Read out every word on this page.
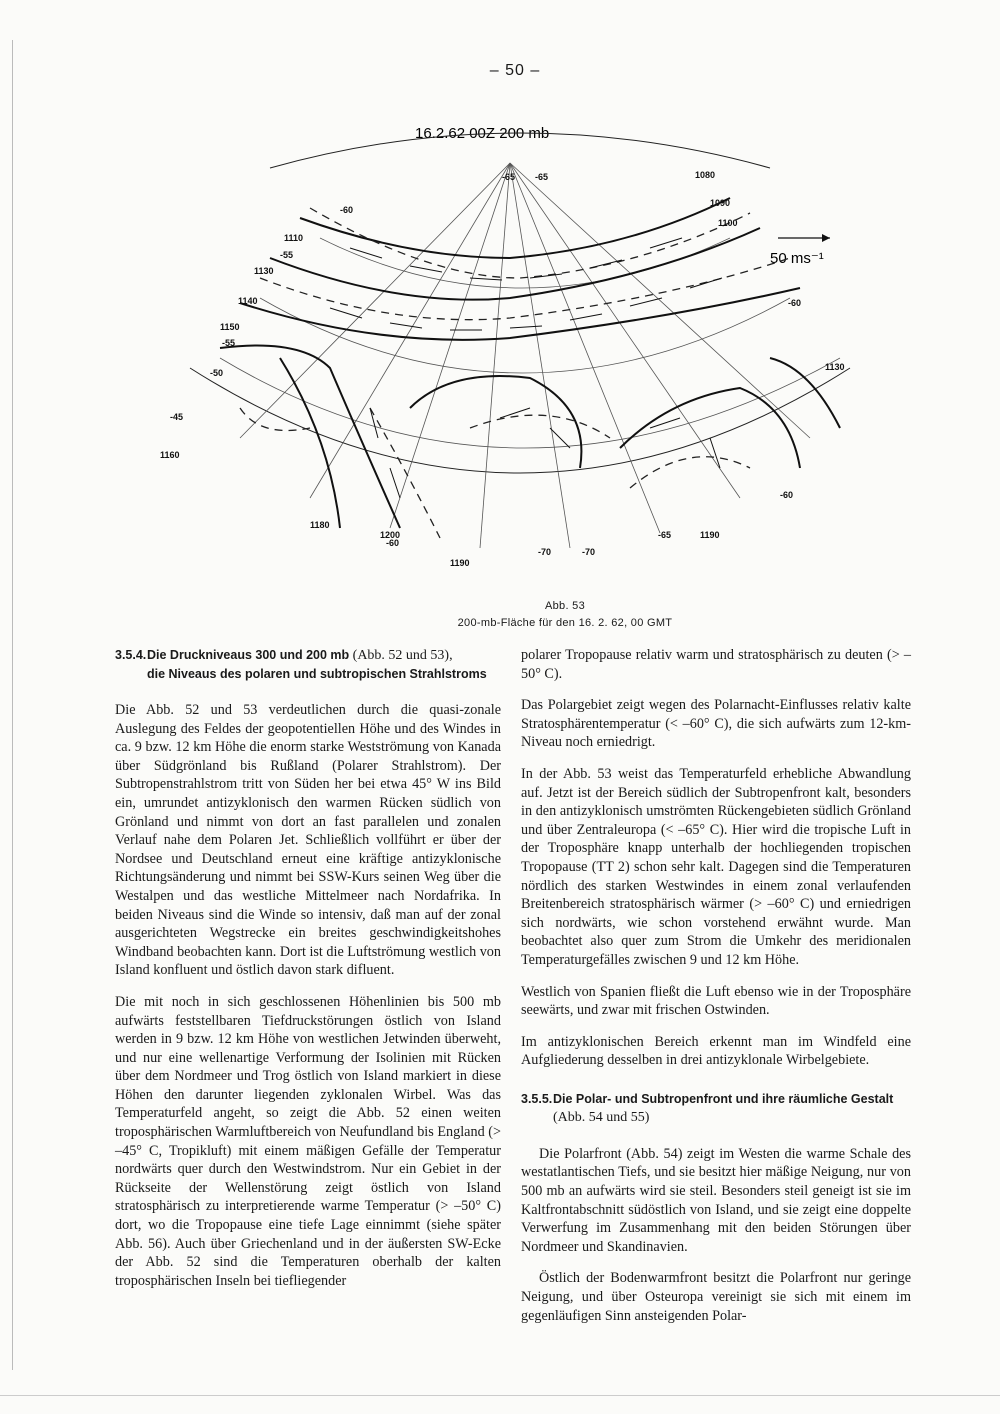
– 50 –
16.2.62 00Z 200 mb
50 ms⁻¹
1080
1090
1100
1110
1130
1140
1150
1160
1130
1190
1190
1180
1200
-60
-55
-55
-45
-50
-65 -65
-60
-60
-70	-70
-65
-60
Abb. 53
200-mb-Fläche für den 16. 2. 62, 00 GMT
3.5.4. Die Druckniveaus 300 und 200 mb (Abb. 52 und 53),
die Niveaus des polaren und subtropischen Strahlstroms

Die Abb. 52 und 53 verdeutlichen durch die quasi-zonale Auslegung des Feldes der geopotentiellen Höhe und des Windes in ca. 9 bzw. 12 km Höhe die enorm starke Westströmung von Kanada über Südgrönland bis Rußland (Polarer Strahlstrom). Der Subtropenstrahlstrom tritt von Süden her bei etwa 45° W ins Bild ein, umrundet antizyklonisch den warmen Rücken südlich von Grönland und nimmt von dort an fast parallelen und zonalen Verlauf nahe dem Polaren Jet. Schließlich vollführt er über der Nordsee und Deutschland erneut eine kräftige antizyklonische Richtungsänderung und nimmt bei SSW-Kurs seinen Weg über die Westalpen und das westliche Mittelmeer nach Nordafrika. In beiden Niveaus sind die Winde so intensiv, daß man auf der zonal ausgerichteten Wegstrecke ein breites geschwindigkeitshohes Windband beobachten kann. Dort ist die Luftströmung westlich von Island konfluent und östlich davon stark difluent.

Die mit noch in sich geschlossenen Höhenlinien bis 500 mb aufwärts feststellbaren Tiefdruckstörungen östlich von Island werden in 9 bzw. 12 km Höhe von westlichen Jetwinden überweht, und nur eine wellenartige Verformung der Isolinien mit Rücken über dem Nordmeer und Trog östlich von Island markiert in diese Höhen den darunter liegenden zyklonalen Wirbel. Was das Temperaturfeld angeht, so zeigt die Abb. 52 einen weiten troposphärischen Warmluftbereich von Neufundland bis England (> –45° C, Tropikluft) mit einem mäßigen Gefälle der Temperatur nordwärts quer durch den Westwindstrom. Nur ein Gebiet in der Rückseite der Wellenstörung zeigt östlich von Island stratosphärisch zu interpretierende warme Temperatur (> –50° C) dort, wo die Tropopause eine tiefe Lage einnimmt (siehe später Abb. 56). Auch über Griechenland und in der äußersten SW-Ecke der Abb. 52 sind die Temperaturen oberhalb der kalten troposphärischen Inseln bei tiefliegender

polarer Tropopause relativ warm und stratosphärisch zu deuten (> –50° C).

Das Polargebiet zeigt wegen des Polarnacht-Einflusses relativ kalte Stratosphärentemperatur (< –60° C), die sich aufwärts zum 12-km-Niveau noch erniedrigt.

In der Abb. 53 weist das Temperaturfeld erhebliche Abwandlung auf. Jetzt ist der Bereich südlich der Subtropenfront kalt, besonders in den antizyklonisch umströmten Rückengebieten südlich Grönland und über Zentraleuropa (< –65° C). Hier wird die tropische Luft in der Troposphäre knapp unterhalb der hochliegenden tropischen Tropopause (TT 2) schon sehr kalt. Dagegen sind die Temperaturen nördlich des starken Westwindes in einem zonal verlaufenden Breitenbereich stratosphärisch wärmer (> –60° C) und erniedrigen sich nordwärts, wie schon vorstehend erwähnt wurde. Man beobachtet also quer zum Strom die Umkehr des meridionalen Temperaturgefälles zwischen 9 und 12 km Höhe.

Westlich von Spanien fließt die Luft ebenso wie in der Troposphäre seewärts, und zwar mit frischen Ostwinden.

Im antizyklonischen Bereich erkennt man im Windfeld eine Aufgliederung desselben in drei antizyklonale Wirbelgebiete.

3.5.5. Die Polar- und Subtropenfront und ihre räumliche Gestalt (Abb. 54 und 55)

Die Polarfront (Abb. 54) zeigt im Westen die warme Schale des westatlantischen Tiefs, und sie besitzt hier mäßige Neigung, nur von 500 mb an aufwärts wird sie steil. Besonders steil geneigt ist sie im Kaltfrontabschnitt südöstlich von Island, und sie zeigt eine doppelte Verwerfung im Zusammenhang mit den beiden Störungen über Nordmeer und Skandinavien.

Östlich der Bodenwarmfront besitzt die Polarfront nur geringe Neigung, und über Osteuropa vereinigt sie sich mit einem im gegenläufigen Sinn ansteigenden Polar-
